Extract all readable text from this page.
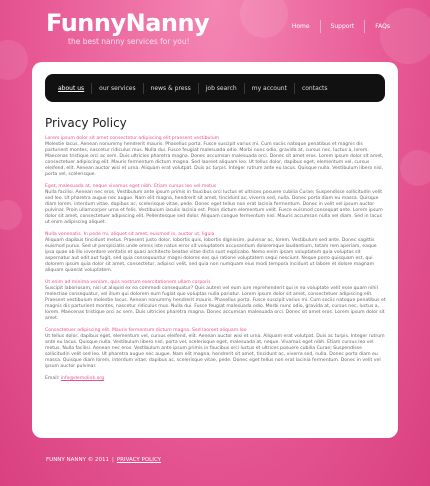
FunnyNanny
the best nanny services for you!
Home	Support	FAQs
about us	our services	news & press	job search	my account	contacts
Privacy Policy
Lorem ipsum dolor sit amet consectetur adipiscing elit praesent vestibulum
Molestie lacus. Aenean nonummy hendrerit mauris. Phasellus porta. Fusce suscipit varius mi. Cum sociis natoque penatibus et magnis dis parturient montes, nascetur ridiculus mus. Nulla dui. Fusce feugiat malesuada odio. Morbi nunc odio, gravida at, cursus nec, luctus a, lorem. Maecenas tristique orci ac sem. Duis ultricies pharetra magna. Donec accumsan malesuada orci. Donec sit amet eros. Lorem ipsum dolor sit amet, consectetuer adipiscing elit. Mauris fermentum dictum magna. Sed laoreet aliquam leo. Ut tellus dolor, dapibus eget, elementum vel, cursus eleifend, elit. Aenean auctor wisi et urna. Aliquam erat volutpat. Duis ac turpis. Integer rutrum ante eu lacus. Quisque nulla. Vestibulum libero nisl, porta vel, scelerisque.
Eget, malesuada at, neque vivamus eget nibh. Etiam cursus leo vel metus
Nulla facilisi. Aenean nec eros. Vestibulum ante ipsum primis in faucibus orci luctus et ultrices posuere cubilia Curae; Suspendisse sollicitudin velit sed leo. Ut pharetra augue nec augue. Nam elit magna, hendrerit sit amet, tincidunt ac, viverra sed, nulla. Donec porta diam eu massa. Quisque diam lorem, interdum vitae, dapibus ac, scelerisque vitae, pede. Donec eget tellus non erat lacinia fermentum. Donec in velit vel ipsum auctor pulvinar. Proin ullamcorper urna et felis. Vestibulum iaculis lacinia est. Proin dictum elementum velit. Fusce euismod consequat ante. Lorem ipsum dolor sit amet, consectetuer adipiscing elit. Pellentesque sed dolor. Aliquam congue fermentum nisl. Mauris accumsan nulla vel diam. Sed in lacus ut enim adipiscing aliquet.
Nulla venenatis. In pede mi, aliquet sit amet, euismod in, auctor ut, ligula
Aliquam dapibus tincidunt metus. Praesent justo dolor, lobortis quis, lobortis dignissim, pulvinar ac, lorem. Vestibulum sed ante. Donec sagittis euismod purus. Sed ut perspiciatis unde omnis iste natus error sit voluptatem accusantium doloremque laudantium, totam rem aperiam, eaque ipsa quae ab illo inventore veritatis et quasi architecto beatae vitae dicta sunt explicabo. Nemo enim ipsam voluptatem quia voluptas sit aspernatur aut odit aut fugit, sed quia consequuntur magni dolores eos qui ratione voluptatem sequi nesciunt. Neque porro quisquam est, qui dolorem ipsum quia dolor sit amet, consectetur, adipisci velit, sed quia non numquam eius modi tempora incidunt ut labore et dolore magnam aliquam quaerat voluptatem.
Ut enim ad minima veniam, quis nostrum exercitationem ullam corporis
Suscipit laboriosam, nisi ut aliquid ex ea commodi consequatur? Quis autem vel eum iure reprehenderit qui in ea voluptate velit esse quam nihil molestiae consequatur, vel illum qui dolorem eum fugiat quo voluptas nulla pariatur. Lorem ipsum dolor sit amet, consectetuer adipiscing elit. Praesent vestibulum molestie lacus. Aenean nonummy hendrerit mauris. Phasellus porta. Fusce suscipit varius mi. Cum sociis natoque penatibus et magnis dis parturient montes, nascetur ridiculus mus. Nulla dui. Fusce feugiat malesuada odio. Morbi nunc odio, gravida at, cursus nec, luctus a, lorem. Maecenas tristique orci ac sem. Duis ultricies pharetra magna. Donec accumsan malesuada orci. Donec sit amet eros. Lorem ipsum dolor sit amet.
Consectetuer adipiscing elit. Mauris fermentum dictum magna. Sed laoreet aliquam leo
Ut tellus dolor, dapibus eget, elementum vel, cursus eleifend, elit. Aenean auctor wisi et urna. Aliquam erat volutpat. Duis ac turpis. Integer rutrum ante eu lacus. Quisque nulla. Vestibulum libero nisl, porta vel, scelerisque eget, malesuada at, neque. Vivamus eget nibh. Etiam cursus leo vel metus. Nulla facilisi. Aenean nec eros. Vestibulum ante ipsum primis in faucibus orci luctus et ultrices posuere cubilia Curae; Suspendisse sollicitudin velit sed leo. Ut pharetra augue nec augue. Nam elit magna, hendrerit sit amet, tincidunt ac, viverra sed, nulla. Donec porta diam eu massa. Quisque diam lorem, interdum vitae, dapibus ac, scelerisque vitae, pede. Donec eget tellus non erat lacinia fermentum. Donec in velit vel ipsum auctor pulvinar.
Email: info@demolink.org
FUNNY NANNY © 2011 | PRIVACY POLICY
